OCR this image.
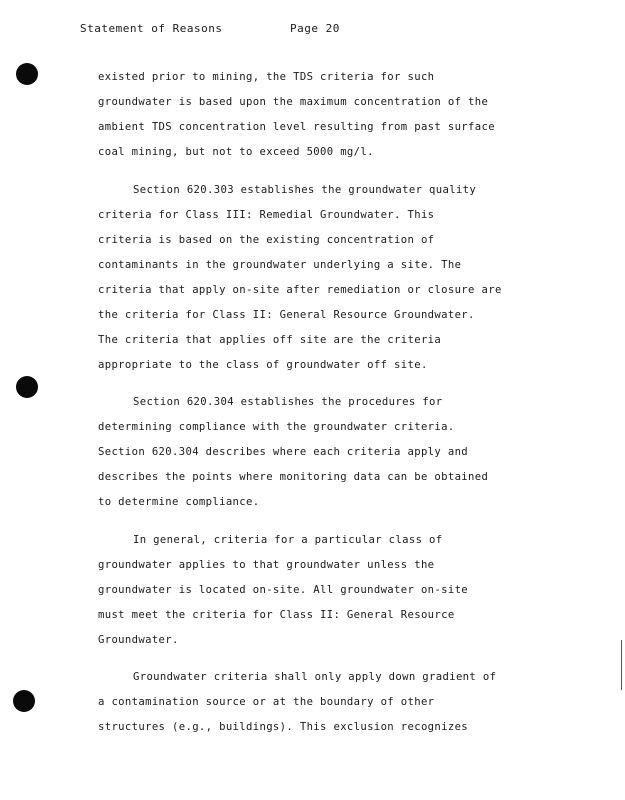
Statement of Reasons	Page 20
existed prior to mining, the TDS criteria for such
groundwater is based upon the maximum concentration of the
ambient TDS concentration level resulting from past surface
coal mining, but not to exceed 5000 mg/l.
Section 620.303 establishes the groundwater quality
criteria for Class III: Remedial Groundwater. This
criteria is based on the existing concentration of
contaminants in the groundwater underlying a site. The
criteria that apply on-site after remediation or closure are
the criteria for Class II: General Resource Groundwater.
The criteria that applies off site are the criteria
appropriate to the class of groundwater off site.
Section 620.304 establishes the procedures for
determining compliance with the groundwater criteria.
Section 620.304 describes where each criteria apply and
describes the points where monitoring data can be obtained
to determine compliance.
In general, criteria for a particular class of
groundwater applies to that groundwater unless the
groundwater is located on-site. All groundwater on-site
must meet the criteria for Class II: General Resource
Groundwater.
Groundwater criteria shall only apply down gradient of
a contamination source or at the boundary of other
structures (e.g., buildings). This exclusion recognizes
